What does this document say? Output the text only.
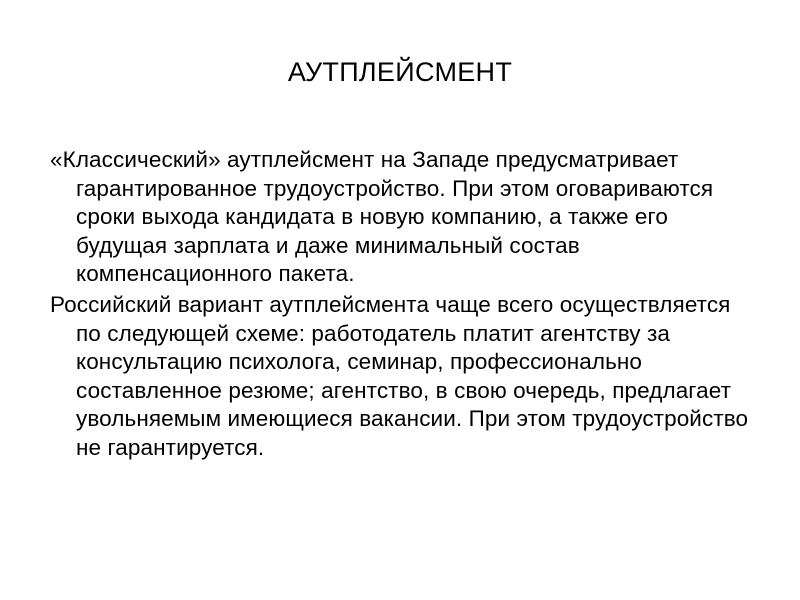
АУТПЛЕЙСМЕНТ

«Классический» аутплейсмент на Западе предусматривает гарантированное трудоустройство. При этом оговариваются сроки выхода кандидата в новую компанию, а также его будущая зарплата и даже минимальный состав компенсационного пакета.

Российский вариант аутплейсмента чаще всего осуществляется по следующей схеме: работодатель платит агентству за консультацию психолога, семинар, профессионально составленное резюме; агентство, в свою очередь, предлагает увольняемым имеющиеся вакансии. При этом трудоустройство не гарантируется.
